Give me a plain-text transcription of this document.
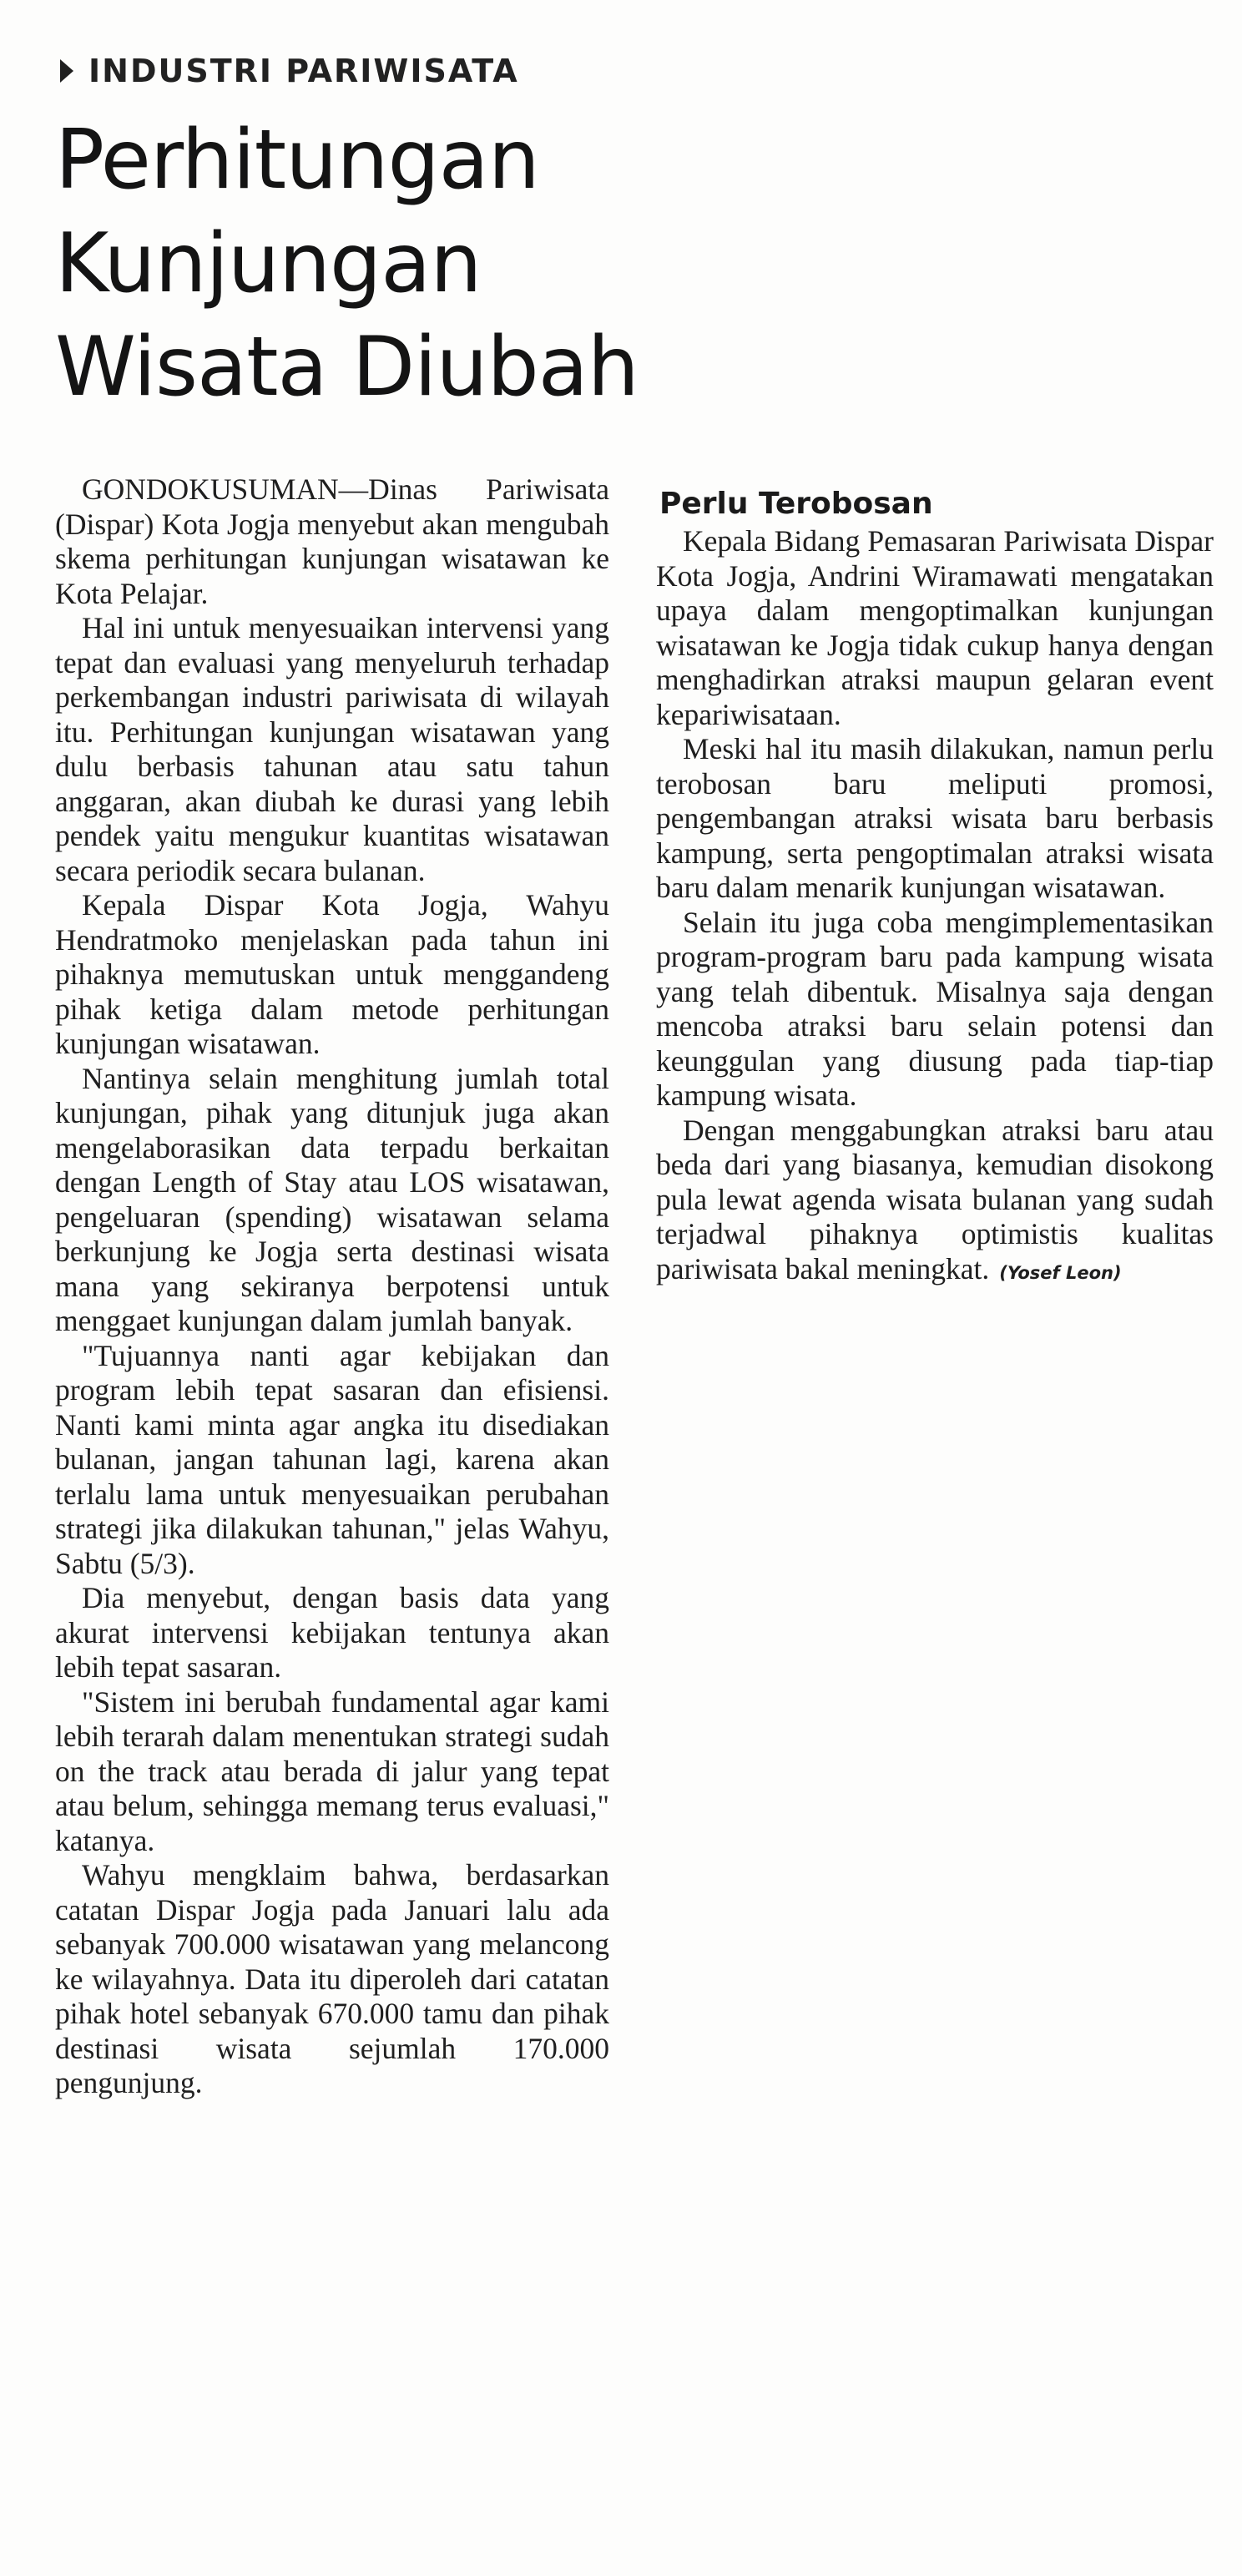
INDUSTRI PARIWISATA
Perhitungan
Kunjungan
Wisata Diubah

GONDOKUSUMAN—Dinas Pariwisata (Dispar) Kota Jogja menyebut akan mengubah skema perhitungan kunjungan wisatawan ke Kota Pelajar.

Hal ini untuk menyesuaikan intervensi yang tepat dan evaluasi yang menyeluruh terhadap perkembangan industri pariwisata di wilayah itu. Perhitungan kunjungan wisatawan yang dulu berbasis tahunan atau satu tahun anggaran, akan diubah ke durasi yang lebih pendek yaitu mengukur kuantitas wisatawan secara periodik secara bulanan.

Kepala Dispar Kota Jogja, Wahyu Hendratmoko menjelaskan pada tahun ini pihaknya memutuskan untuk menggandeng pihak ketiga dalam metode perhitungan kunjungan wisatawan.

Nantinya selain menghitung jumlah total kunjungan, pihak yang ditunjuk juga akan mengelaborasikan data terpadu berkaitan dengan Length of Stay atau LOS wisatawan, pengeluaran (spending) wisatawan selama berkunjung ke Jogja serta destinasi wisata mana yang sekiranya berpotensi untuk menggaet kunjungan dalam jumlah banyak.

"Tujuannya nanti agar kebijakan dan program lebih tepat sasaran dan efisiensi. Nanti kami minta agar angka itu disediakan bulanan, jangan tahunan lagi, karena akan terlalu lama untuk menyesuaikan perubahan strategi jika dilakukan tahunan," jelas Wahyu, Sabtu (5/3).

Dia menyebut, dengan basis data yang akurat intervensi kebijakan tentunya akan lebih tepat sasaran.

"Sistem ini berubah fundamental agar kami lebih terarah dalam menentukan strategi sudah on the track atau berada di jalur yang tepat atau belum, sehingga memang terus evaluasi," katanya.

Wahyu mengklaim bahwa, berdasarkan catatan Dispar Jogja pada Januari lalu ada sebanyak 700.000 wisatawan yang melancong ke wilayahnya. Data itu diperoleh dari catatan pihak hotel sebanyak 670.000 tamu dan pihak destinasi wisata sejumlah 170.000 pengunjung.

Perlu Terobosan

Kepala Bidang Pemasaran Pariwisata Dispar Kota Jogja, Andrini Wiramawati mengatakan upaya dalam mengoptimalkan kunjungan wisatawan ke Jogja tidak cukup hanya dengan menghadirkan atraksi maupun gelaran event kepariwisataan.

Meski hal itu masih dilakukan, namun perlu terobosan baru meliputi promosi, pengembangan atraksi wisata baru berbasis kampung, serta pengoptimalan atraksi wisata baru dalam menarik kunjungan wisatawan.

Selain itu juga coba mengimplementasikan program-program baru pada kampung wisata yang telah dibentuk. Misalnya saja dengan mencoba atraksi baru selain potensi dan keunggulan yang diusung pada tiap-tiap kampung wisata.

Dengan menggabungkan atraksi baru atau beda dari yang biasanya, kemudian disokong pula lewat agenda wisata bulanan yang sudah terjadwal pihaknya optimistis kualitas pariwisata bakal meningkat. (Yosef Leon)
